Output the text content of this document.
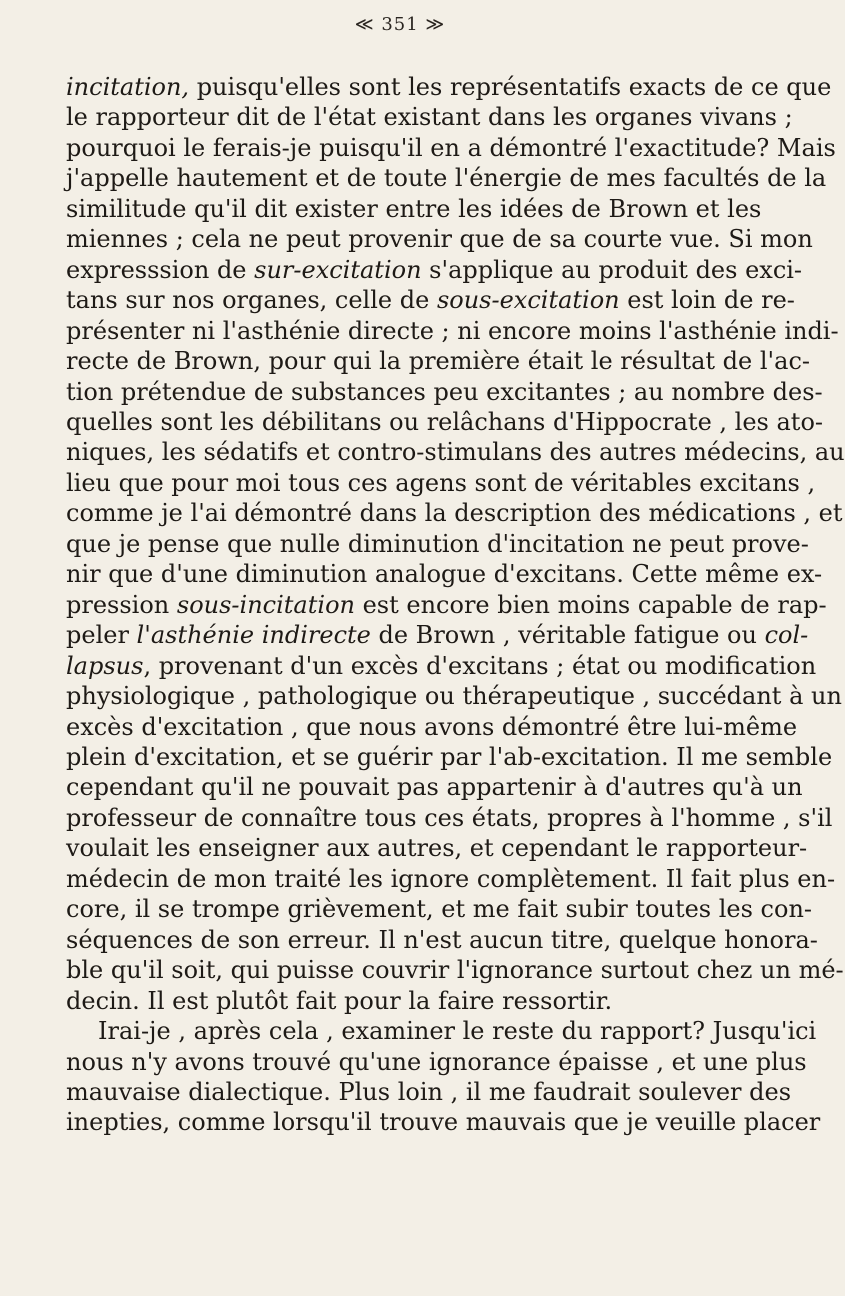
≪ 351 ≫
incitation, puisqu'elles sont les représentatifs exacts de ce que
le rapporteur dit de l'état existant dans les organes vivans ;
pourquoi le ferais-je puisqu'il en a démontré l'exactitude? Mais
j'appelle hautement et de toute l'énergie de mes facultés de la
similitude qu'il dit exister entre les idées de Brown et les
miennes ; cela ne peut provenir que de sa courte vue. Si mon
expresssion de sur-excitation s'applique au produit des exci-
tans sur nos organes, celle de sous-excitation est loin de re-
présenter ni l'asthénie directe ; ni encore moins l'asthénie indi-
recte de Brown, pour qui la première était le résultat de l'ac-
tion prétendue de substances peu excitantes ; au nombre des-
quelles sont les débilitans ou relâchans d'Hippocrate , les ato-
niques, les sédatifs et contro-stimulans des autres médecins, au
lieu que pour moi tous ces agens sont de véritables excitans ,
comme je l'ai démontré dans la description des médications , et
que je pense que nulle diminution d'incitation ne peut prove-
nir que d'une diminution analogue d'excitans. Cette même ex-
pression sous-incitation est encore bien moins capable de rap-
peler l'asthénie indirecte de Brown , véritable fatigue ou col-
lapsus, provenant d'un excès d'excitans ; état ou modification
physiologique , pathologique ou thérapeutique , succédant à un
excès d'excitation , que nous avons démontré être lui-même
plein d'excitation, et se guérir par l'ab-excitation. Il me semble
cependant qu'il ne pouvait pas appartenir à d'autres qu'à un
professeur de connaître tous ces états, propres à l'homme , s'il
voulait les enseigner aux autres, et cependant le rapporteur-
médecin de mon traité les ignore complètement. Il fait plus en-
core, il se trompe grièvement, et me fait subir toutes les con-
séquences de son erreur. Il n'est aucun titre, quelque honora-
ble qu'il soit, qui puisse couvrir l'ignorance surtout chez un mé-
decin. Il est plutôt fait pour la faire ressortir.
Irai-je , après cela , examiner le reste du rapport? Jusqu'ici
nous n'y avons trouvé qu'une ignorance épaisse , et une plus
mauvaise dialectique. Plus loin , il me faudrait soulever des
inepties, comme lorsqu'il trouve mauvais que je veuille placer
